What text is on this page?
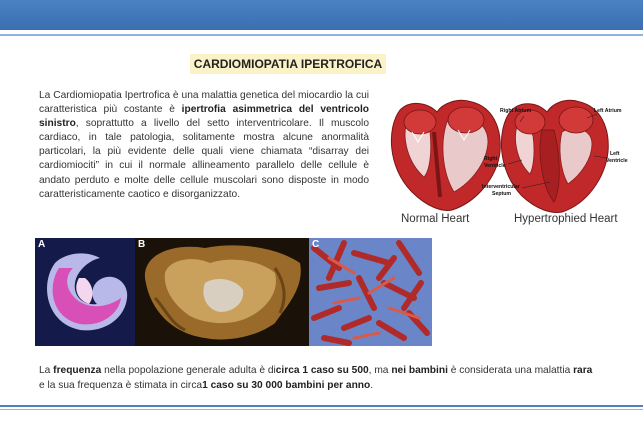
CARDIOMIOPATIA IPERTROFICA
La Cardiomiopatia Ipertrofica è una malattia genetica del miocardio la cui caratteristica più costante è ipertrofia asimmetrica del ventricolo sinistro, soprattutto a livello del setto interventricolare. Il muscolo cardiaco, in tale patologia, solitamente mostra alcune anormalità particolari, la più evidente delle quali viene chiamata “disarray dei cardiomiociti” in cui il normale allineamento parallelo delle cellule è andato perduto e molte delle cellule muscolari sono disposte in modo caratteristicamente caotico e disorganizzato.
Right Atrium	Left Atrium
Right Ventricle
Left Ventricle
Interventricular Septum
Normal Heart	Hypertrophied Heart
A	B	C
La frequenza nella popolazione generale adulta è dicirca 1 caso su 500, ma nei bambini è considerata una malattia rara e la sua frequenza è stimata in circa1 caso su 30 000 bambini per anno.
